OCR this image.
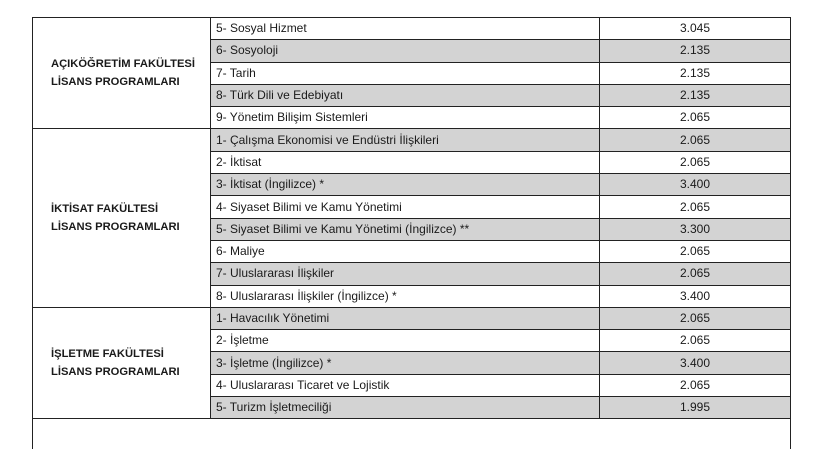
AÇIKÖĞRETİM FAKÜLTESİ
LİSANS PROGRAMLARI	5- Sosyal Hizmet	3.045
	6- Sosyoloji	2.135
	7- Tarih	2.135
	8- Türk Dili ve Edebiyatı	2.135
	9- Yönetim Bilişim Sistemleri	2.065

İKTİSAT FAKÜLTESİ
LİSANS PROGRAMLARI	1- Çalışma Ekonomisi ve Endüstri İlişkileri	2.065
	2- İktisat	2.065
	3- İktisat (İngilizce) *	3.400
	4- Siyaset Bilimi ve Kamu Yönetimi	2.065
	5- Siyaset Bilimi ve Kamu Yönetimi (İngilizce) **	3.300
	6- Maliye	2.065
	7- Uluslararası İlişkiler	2.065
	8- Uluslararası İlişkiler (İngilizce) *	3.400

İŞLETME FAKÜLTESİ
LİSANS PROGRAMLARI	1- Havacılık Yönetimi	2.065
	2- İşletme	2.065
	3- İşletme (İngilizce) *	3.400
	4- Uluslararası Ticaret ve Lojistik	2.065
	5- Turizm İşletmeciliği	1.995
